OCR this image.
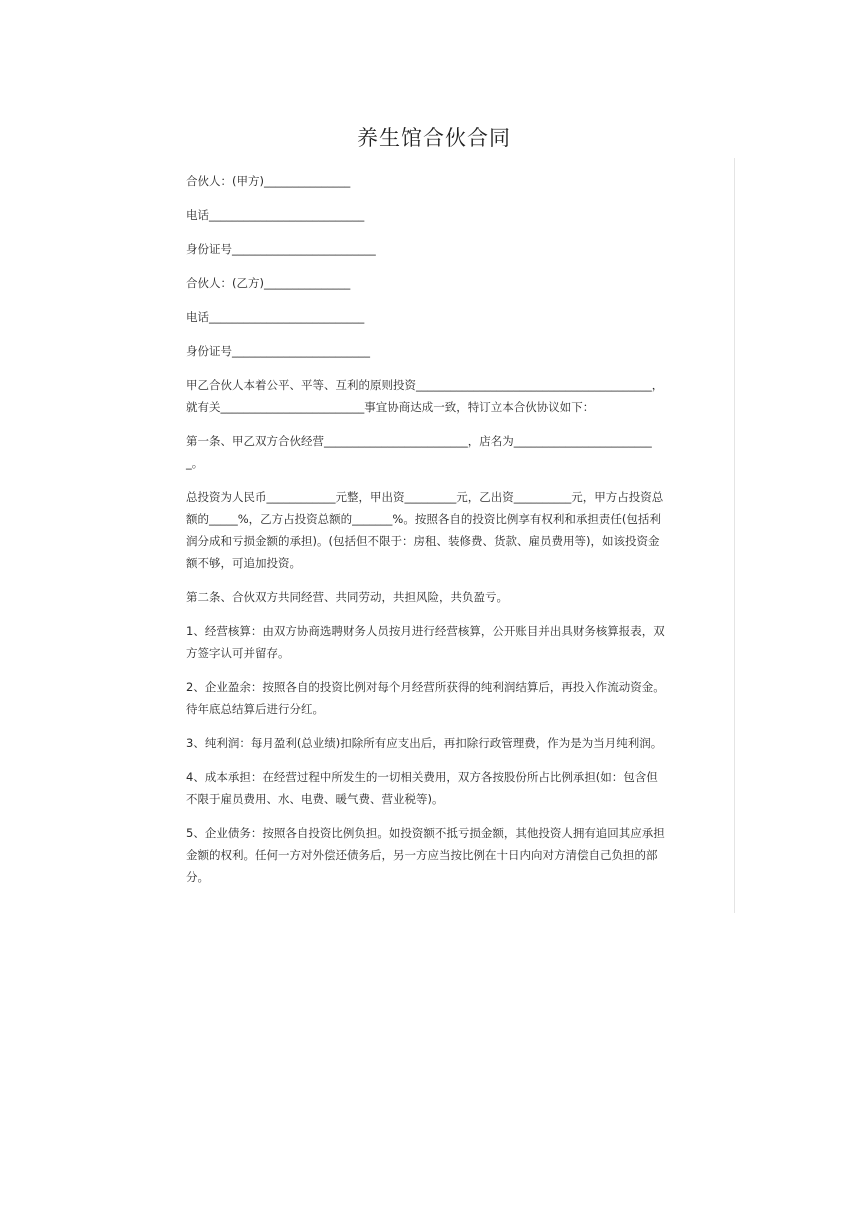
养生馆合伙合同

合伙人：(甲方)_______________

电话___________________________

身份证号_________________________

合伙人：(乙方)_______________

电话___________________________

身份证号________________________

甲乙合伙人本着公平、平等、互利的原则投资_________________________________________，就有关_________________________事宜协商达成一致，特订立本合伙协议如下：

第一条、甲乙双方合伙经营_________________________，店名为_________________________。

总投资为人民币____________元整，甲出资_________元，乙出资__________元，甲方占投资总额的_____%，乙方占投资总额的_______%。按照各自的投资比例享有权利和承担责任(包括利润分成和亏损金额的承担)。(包括但不限于：房租、装修费、货款、雇员费用等)，如该投资金额不够，可追加投资。

第二条、合伙双方共同经营、共同劳动，共担风险，共负盈亏。

1、经营核算：由双方协商选聘财务人员按月进行经营核算，公开账目并出具财务核算报表，双方签字认可并留存。

2、企业盈余：按照各自的投资比例对每个月经营所获得的纯利润结算后，再投入作流动资金。待年底总结算后进行分红。

3、纯利润：每月盈利(总业绩)扣除所有应支出后，再扣除行政管理费，作为是为当月纯利润。

4、成本承担：在经营过程中所发生的一切相关费用，双方各按股份所占比例承担(如：包含但不限于雇员费用、水、电费、暖气费、营业税等)。

5、企业债务：按照各自投资比例负担。如投资额不抵亏损金额，其他投资人拥有追回其应承担金额的权利。任何一方对外偿还债务后，另一方应当按比例在十日内向对方清偿自己负担的部分。
